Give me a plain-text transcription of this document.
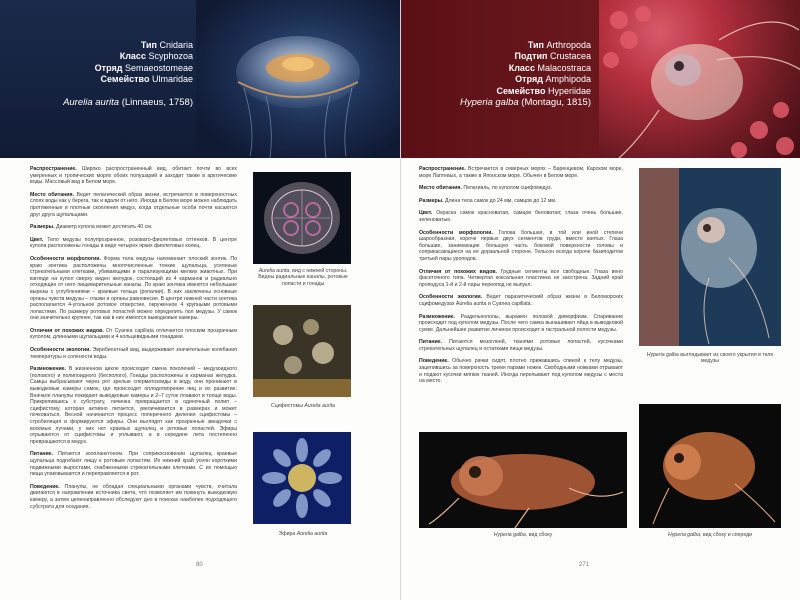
Тип Cnidaria
Класс Scyphozoa
Отряд Semaeostomeae
Семейство Ulmaridae
Aurelia aurita (Linnaeus, 1758)

Распространение. Широко распространенный вид, обитает почти во всех умеренных и тропических морях обоих полушарий и заходит также в арктические воды. Массовый вид в Белом море.

Место обитания. Ведет пелагический образ жизни, встречается в поверхностных слоях воды как у берега, так и вдали от него. Иногда в Белом море можно наблюдать протяженные и плотные скопления медуз, когда отдельные особи почти касаются друг друга щупальцами.

Размеры. Диаметр купола может достигать 40 см.

Цвет. Тело медузы полупрозрачное, розовато-фиолетовых оттенков. В центре купола расположены гонады в виде четырех ярких фиолетовых колец.

Особенности морфологии. Форма тела медузы напоминает плоский зонтик. По краю зонтика расположены многочисленные тонкие щупальца, усеянные стрекательными клетками, убивающими и парализующими мелких животных. При взгляде на купол сверху виден желудок, состоящий из 4 карманов и радиально отходящие от него пищеварительные каналы. По краю зонтика имеются небольшие вырезы с углублениями – краевые тельца (ропалии). В них заключены основные органы чувств медузы – глазки и органы равновесия. В центре нижней части зонтика располагается 4-угольное ротовое отверстие, окруженное 4 крупными ротовыми лопастями. По размеру ротовых лопастей можно определить пол медузы. У самок они значительно крупнее, так как в них имеются выводковые камеры.

Отличия от похожих видов. От Cyanea capillata отличается плоским прозрачным куполом, длинными щупальцами и 4 кольцевидными гонадами.

Особенности экологии. Эврибионтный вид, выдерживает значительные колебания температуры и солености воды.

Размножение. В жизненном цикле происходит смена поколений – медузоидного (полового) и полипоидного (бесполого). Гонады расположены в карманах желудка. Самцы выбрасывают через рот зрелые сперматозоиды в воду, они проникают в выводковые камеры самок, где происходит оплодотворение яиц и их развитие. Вначале планулы покидают выводковые камеры и 2–7 суток плавают в толще воды. Прикрепившись к субстрату, личинка превращается в одиночный полип – сцифистому, которая активно питается, увеличивается в размерах и может почковаться. Весной начинается процесс поперечного деления сцифистомы – стробиляция и формируются эфиры. Они выглядят как прозрачные звездочки с восемью лучами, у них нет краевых щупалец и ротовых лопастей. Эфиры отрываются от сцифистомы и уплывают, а в середине лета постепенно превращаются в медуз.

Питание. Питается зоопланктоном. При соприкосновении щупалец краевые щупальца подгибают пищу к ротовым лопастям. Их нижний край усеян короткими подвижными выростами, снабженными стрекательными клетками. С их помощью пища упаковывается и переправляется в рот.

Поведение. Планулы, не обладая специальными органами чувств, считала двигаются в направлении источника света, что позволяет им покинуть выводковую камеру, а затем целенаправленно обследуют дно в поисках наиболее подходящего субстрата для оседания.

Aurelia aurita, вид с нижней стороны. Видны радиальные каналы, ротовые лопасти и гонады
Сцифистомы Aurelia aurita
Эфира Aurelia aurita
80
Тип Arthropoda
Подтип Crustacea
Класс Malacostraca
Отряд Amphipoda
Семейство Hyperiidae
Hyperia galba (Montagu, 1815)

Распространение. Встречается в северных морях – Баренцевом, Карском море, море Лаптевых, а также в Японском море. Обычен в Белом море.

Место обитания. Пелагиаль, по куполом сцифомедуз.

Размеры. Длина тела самок до 24 мм, самцов до 12 мм.

Цвет. Окраска самок красноватая, самцов беловатая; глаза очень большие, зеленоватые.

Особенности морфологии. Голова большая, в той или иной степени шарообразная, короче первых двух сегментов груди, вместе взятых. Глаза большие, занимающие большую часть боковой поверхности головы и соприкасающиеся на ее дорзальной стороне. Тельсон всегда короче базиподитов третьей пары уроподов.

Отличия от похожих видов. Грудные сегменты все свободные. Глаза вено фасеточного типа. Четвертая коксальная пластинка не заострена. Задний край проподуса 1-й и 2-й пары переопод не выпукл.

Особенности экологии. Ведет паразитический образ жизни в Беломорских сцифомедузах Aurelia aurita и Cyanea capillata.

Размножение. Раздельнополы, выражен половой диморфизм. Спаривание происходит под куполом медузы. После чего самка вынашивает яйца в выводковой сумке. Дальнейшее развитие личинок происходит в гастральной полости медузы.

Питание. Питаются мезоглеей, тканями ротовых лопастей, кусочками стрекательных щупалец и остатками пищи медузы.

Поведение. Обычно рачки сидят, плотно прижавшись спиной к телу медузы, зацепившись за поверхность тремя парами ножек. Свободными ножками отрывают и подают кусочки мягких тканей. Иногда перелывают под куполом медузы с места на место.

Hyperia galba выглядывает из своего укрытия в теле медузы
Hyperia galba, вид сбоку	Hyperia galba, вид сбоку и спереди
271
